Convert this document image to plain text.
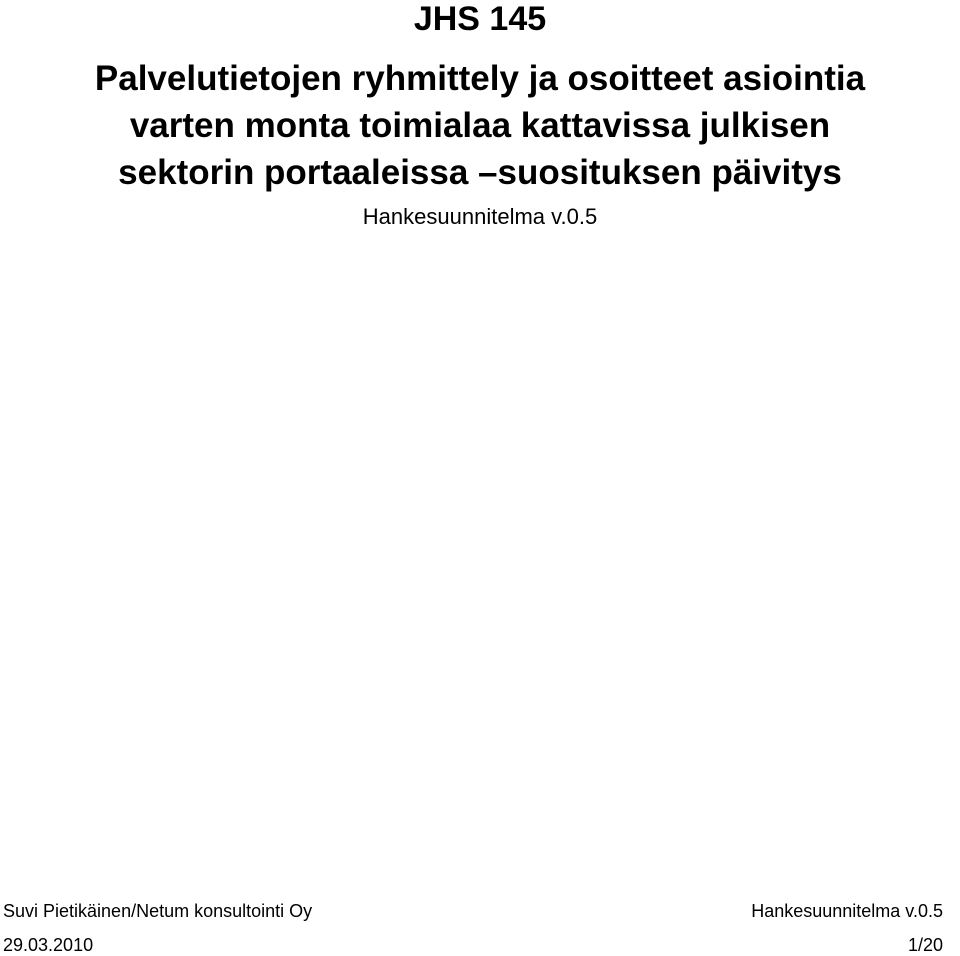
JHS 145
Palvelutietojen ryhmittely ja osoitteet asiointia
varten monta toimialaa kattavissa julkisen
sektorin portaaleissa –suosituksen päivitys
Hankesuunnitelma v.0.5
Suvi Pietikäinen/Netum konsultointi Oy	Hankesuunnitelma v.0.5
29.03.2010	1/20
